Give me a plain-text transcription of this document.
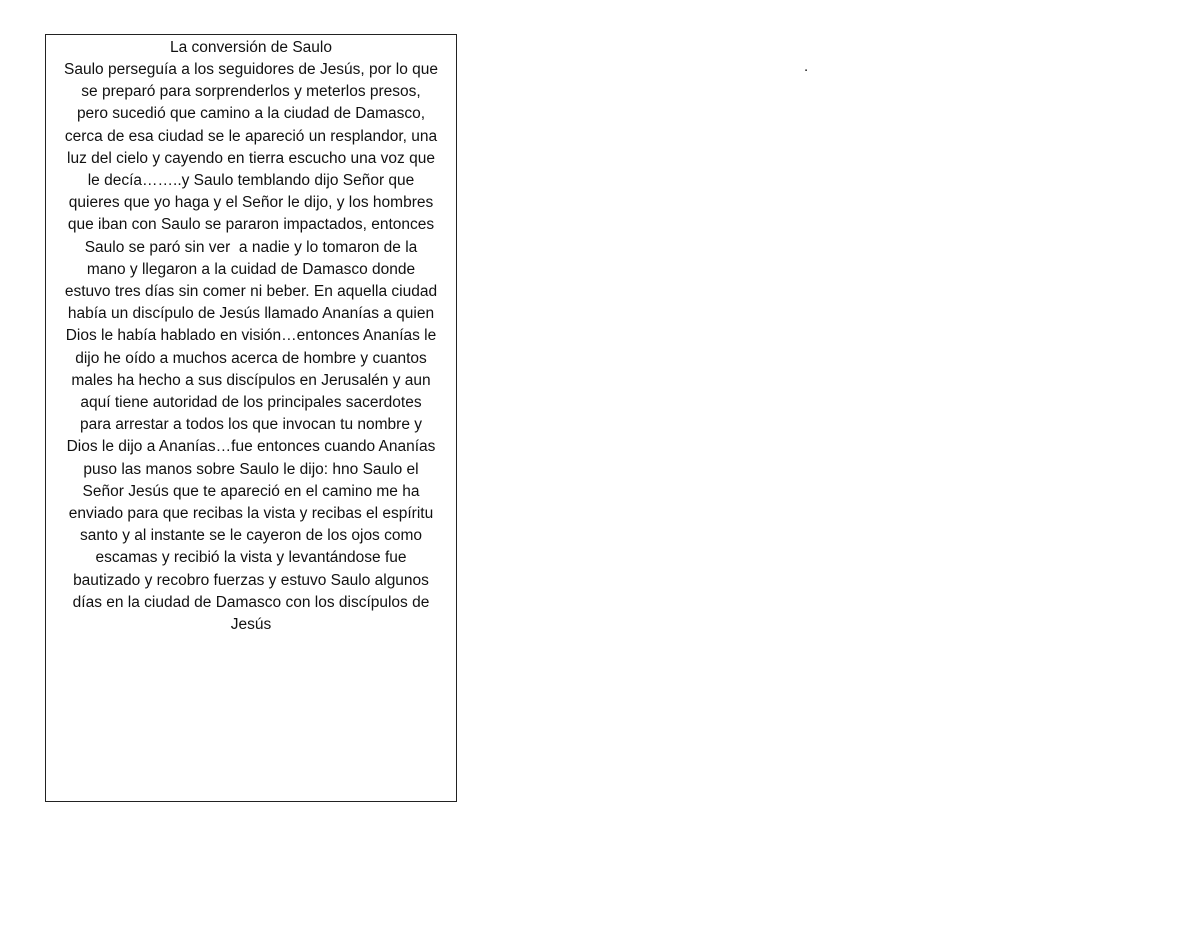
La conversión de Saulo
Saulo perseguía a los seguidores de Jesús, por lo que
se preparó para sorprenderlos y meterlos presos,
pero sucedió que camino a la ciudad de Damasco,
cerca de esa ciudad se le apareció un resplandor, una
luz del cielo y cayendo en tierra escucho una voz que
le decía……..y Saulo temblando dijo Señor que
quieres que yo haga y el Señor le dijo, y los hombres
que iban con Saulo se pararon impactados, entonces
Saulo se paró sin ver  a nadie y lo tomaron de la
mano y llegaron a la cuidad de Damasco donde
estuvo tres días sin comer ni beber. En aquella ciudad
había un discípulo de Jesús llamado Ananías a quien
Dios le había hablado en visión…entonces Ananías le
dijo he oído a muchos acerca de hombre y cuantos
males ha hecho a sus discípulos en Jerusalén y aun
aquí tiene autoridad de los principales sacerdotes
para arrestar a todos los que invocan tu nombre y
Dios le dijo a Ananías…fue entonces cuando Ananías
puso las manos sobre Saulo le dijo: hno Saulo el
Señor Jesús que te apareció en el camino me ha
enviado para que recibas la vista y recibas el espíritu
santo y al instante se le cayeron de los ojos como
escamas y recibió la vista y levantándose fue
bautizado y recobro fuerzas y estuvo Saulo algunos
días en la ciudad de Damasco con los discípulos de
Jesús
.
